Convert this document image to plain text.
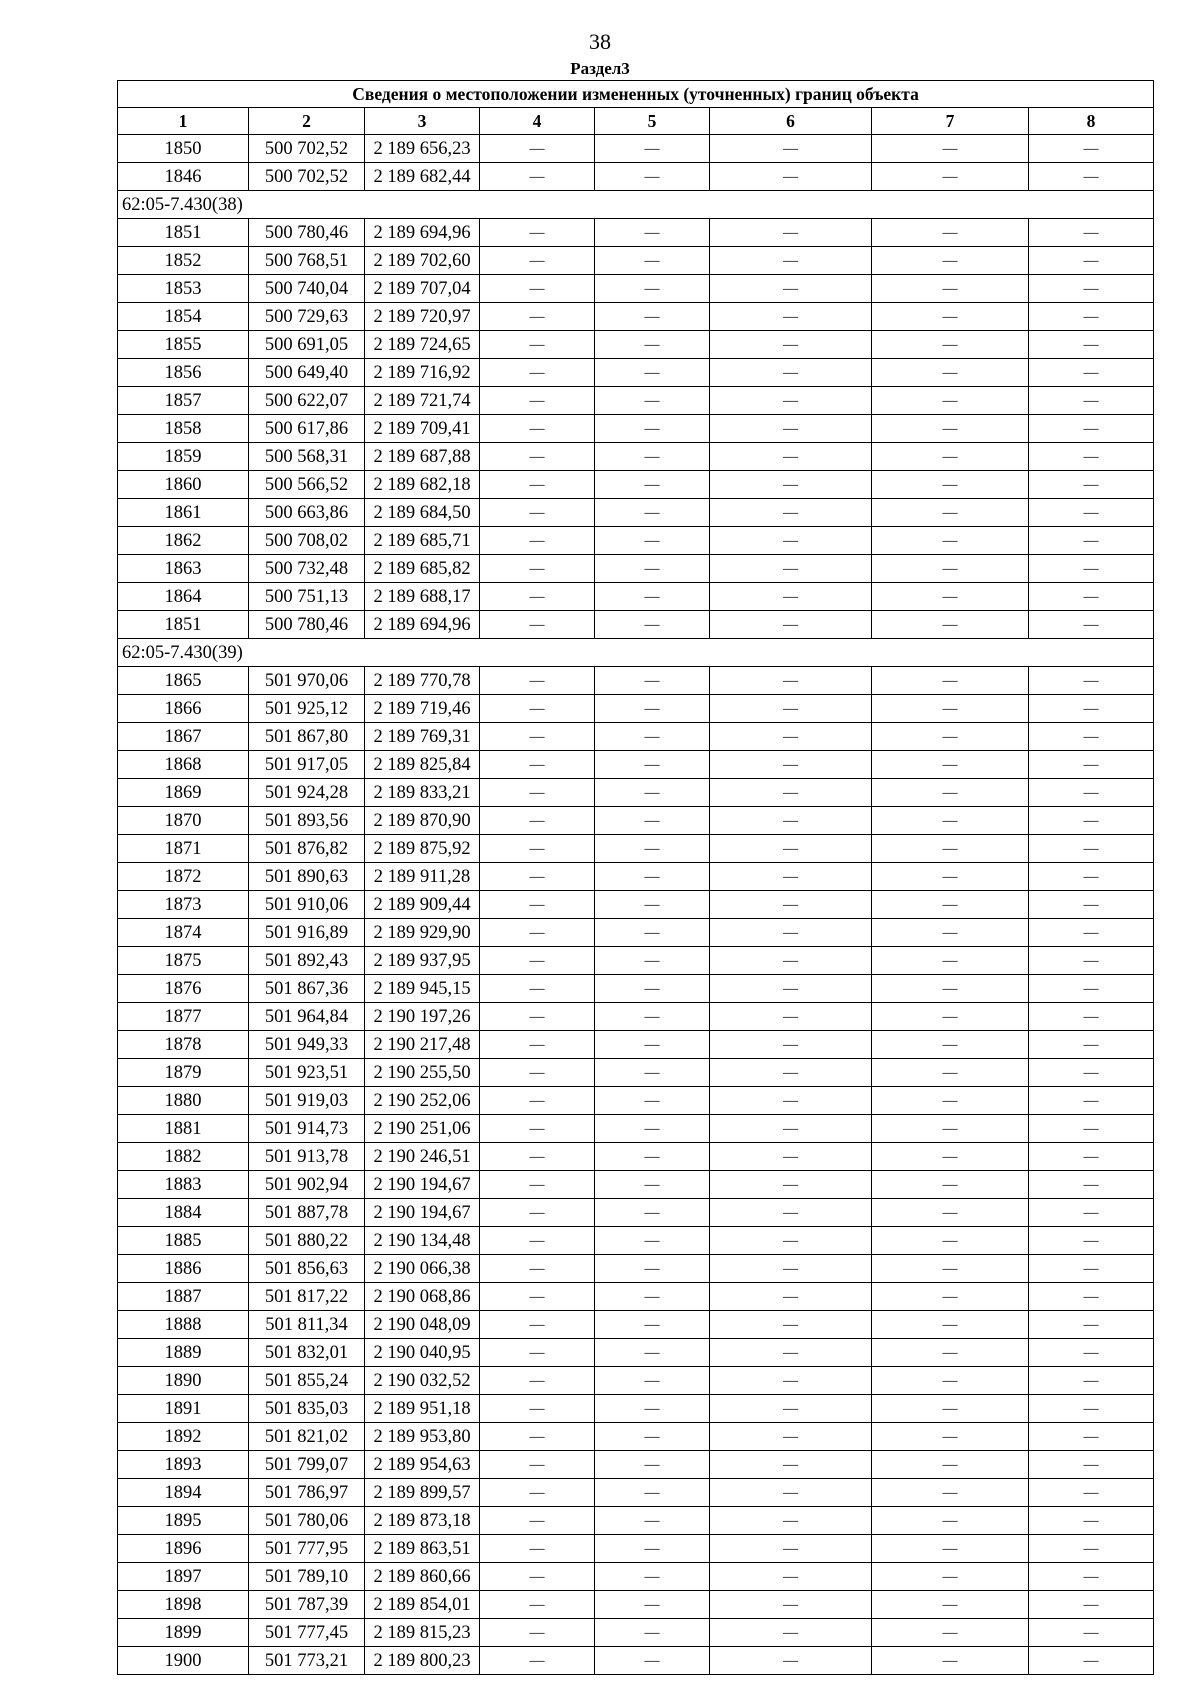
38
Раздел3
Сведения о местоположении измененных (уточненных) границ объекта							
1	2	3	4	5	6	7	8
1850	500 702,52	2 189 656,23	—	—	—	—	—
1846	500 702,52	2 189 682,44	—	—	—	—	—
62:05-7.430(38)							
1851	500 780,46	2 189 694,96	—	—	—	—	—
1852	500 768,51	2 189 702,60	—	—	—	—	—
1853	500 740,04	2 189 707,04	—	—	—	—	—
1854	500 729,63	2 189 720,97	—	—	—	—	—
1855	500 691,05	2 189 724,65	—	—	—	—	—
1856	500 649,40	2 189 716,92	—	—	—	—	—
1857	500 622,07	2 189 721,74	—	—	—	—	—
1858	500 617,86	2 189 709,41	—	—	—	—	—
1859	500 568,31	2 189 687,88	—	—	—	—	—
1860	500 566,52	2 189 682,18	—	—	—	—	—
1861	500 663,86	2 189 684,50	—	—	—	—	—
1862	500 708,02	2 189 685,71	—	—	—	—	—
1863	500 732,48	2 189 685,82	—	—	—	—	—
1864	500 751,13	2 189 688,17	—	—	—	—	—
1851	500 780,46	2 189 694,96	—	—	—	—	—
62:05-7.430(39)							
1865	501 970,06	2 189 770,78	—	—	—	—	—
1866	501 925,12	2 189 719,46	—	—	—	—	—
1867	501 867,80	2 189 769,31	—	—	—	—	—
1868	501 917,05	2 189 825,84	—	—	—	—	—
1869	501 924,28	2 189 833,21	—	—	—	—	—
1870	501 893,56	2 189 870,90	—	—	—	—	—
1871	501 876,82	2 189 875,92	—	—	—	—	—
1872	501 890,63	2 189 911,28	—	—	—	—	—
1873	501 910,06	2 189 909,44	—	—	—	—	—
1874	501 916,89	2 189 929,90	—	—	—	—	—
1875	501 892,43	2 189 937,95	—	—	—	—	—
1876	501 867,36	2 189 945,15	—	—	—	—	—
1877	501 964,84	2 190 197,26	—	—	—	—	—
1878	501 949,33	2 190 217,48	—	—	—	—	—
1879	501 923,51	2 190 255,50	—	—	—	—	—
1880	501 919,03	2 190 252,06	—	—	—	—	—
1881	501 914,73	2 190 251,06	—	—	—	—	—
1882	501 913,78	2 190 246,51	—	—	—	—	—
1883	501 902,94	2 190 194,67	—	—	—	—	—
1884	501 887,78	2 190 194,67	—	—	—	—	—
1885	501 880,22	2 190 134,48	—	—	—	—	—
1886	501 856,63	2 190 066,38	—	—	—	—	—
1887	501 817,22	2 190 068,86	—	—	—	—	—
1888	501 811,34	2 190 048,09	—	—	—	—	—
1889	501 832,01	2 190 040,95	—	—	—	—	—
1890	501 855,24	2 190 032,52	—	—	—	—	—
1891	501 835,03	2 189 951,18	—	—	—	—	—
1892	501 821,02	2 189 953,80	—	—	—	—	—
1893	501 799,07	2 189 954,63	—	—	—	—	—
1894	501 786,97	2 189 899,57	—	—	—	—	—
1895	501 780,06	2 189 873,18	—	—	—	—	—
1896	501 777,95	2 189 863,51	—	—	—	—	—
1897	501 789,10	2 189 860,66	—	—	—	—	—
1898	501 787,39	2 189 854,01	—	—	—	—	—
1899	501 777,45	2 189 815,23	—	—	—	—	—
1900	501 773,21	2 189 800,23	—	—	—	—	—
